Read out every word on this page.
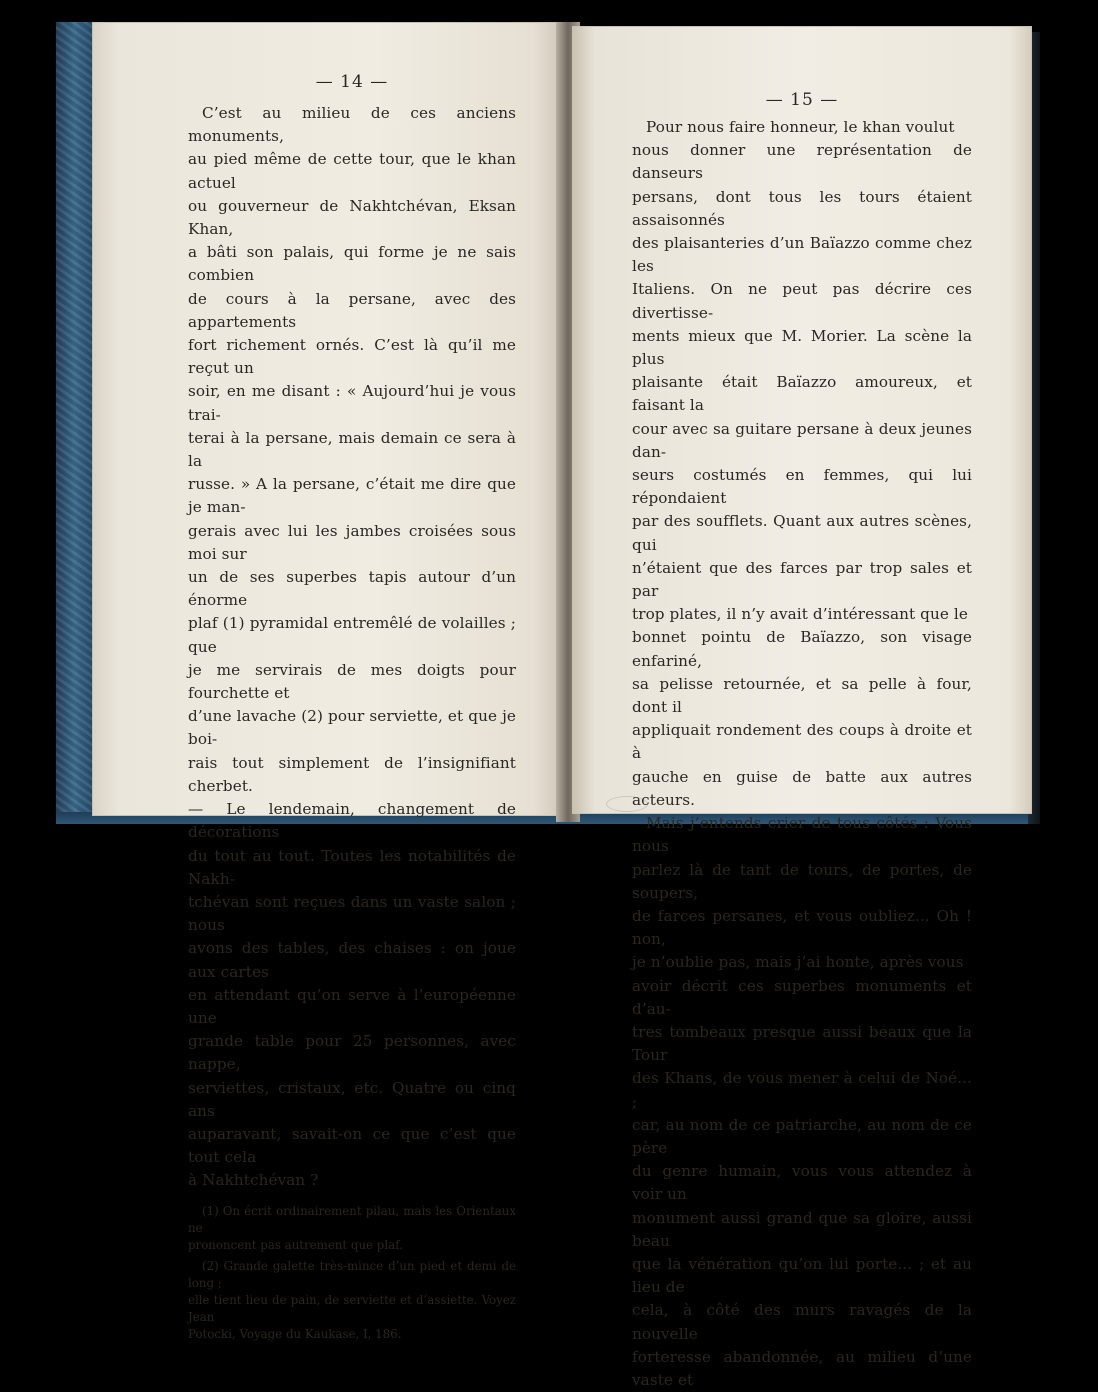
— 14 —

C’est au milieu de ces anciens monuments,
au pied même de cette tour, que le khan actuel
ou gouverneur de Nakhtchévan, Eksan Khan,
a bâti son palais, qui forme je ne sais combien
de cours à la persane, avec des appartements
fort richement ornés. C’est là qu’il me reçut un
soir, en me disant : « Aujourd’hui je vous trai-
terai à la persane, mais demain ce sera à la
russe. » A la persane, c’était me dire que je man-
gerais avec lui les jambes croisées sous moi sur
un de ses superbes tapis autour d’un énorme
plaf (1) pyramidal entremêlé de volailles ; que
je me servirais de mes doigts pour fourchette et
d’une lavache (2) pour serviette, et que je boi-
rais tout simplement de l’insignifiant cherbet.
— Le lendemain, changement de décorations
du tout au tout. Toutes les notabilités de Nakh-
tchévan sont reçues dans un vaste salon ; nous
avons des tables, des chaises : on joue aux cartes
en attendant qu’on serve à l’européenne une
grande table pour 25 personnes, avec nappe,
serviettes, cristaux, etc. Quatre ou cinq ans
auparavant, savait-on ce que c’est que tout cela
à Nakhtchévan ?

(1) On écrit ordinairement pilau, mais les Orientaux ne
prononcent pas autrement que plaf.

(2) Grande galette très-mince d’un pied et demi de long ;
elle tient lieu de pain, de serviette et d’assiette. Voyez Jean
Potocki, Voyage du Kaukase, I, 186.

— 15 —

Pour nous faire honneur, le khan voulut
nous donner une représentation de danseurs
persans, dont tous les tours étaient assaisonnés
des plaisanteries d’un Baïazzo comme chez les
Italiens. On ne peut pas décrire ces divertisse-
ments mieux que M. Morier. La scène la plus
plaisante était Baïazzo amoureux, et faisant la
cour avec sa guitare persane à deux jeunes dan-
seurs costumés en femmes, qui lui répondaient
par des soufflets. Quant aux autres scènes, qui
n’étaient que des farces par trop sales et par
trop plates, il n’y avait d’intéressant que le
bonnet pointu de Baïazzo, son visage enfariné,
sa pelisse retournée, et sa pelle à four, dont il
appliquait rondement des coups à droite et à
gauche en guise de batte aux autres acteurs.

Mais j’entends crier de tous côtés : Vous nous
parlez là de tant de tours, de portes, de soupers,
de farces persanes, et vous oubliez... Oh ! non,
je n’oublie pas, mais j’ai honte, après vous
avoir décrit ces superbes monuments et d’au-
tres tombeaux presque aussi beaux que la Tour
des Khans, de vous mener à celui de Noé... ;
car, au nom de ce patriarche, au nom de ce père
du genre humain, vous vous attendez à voir un
monument aussi grand que sa gloire, aussi beau
que la vénération qu’on lui porte... ; et au lieu de
cela, à côté des murs ravagés de la nouvelle
forteresse abandonnée, au milieu d’une vaste et
